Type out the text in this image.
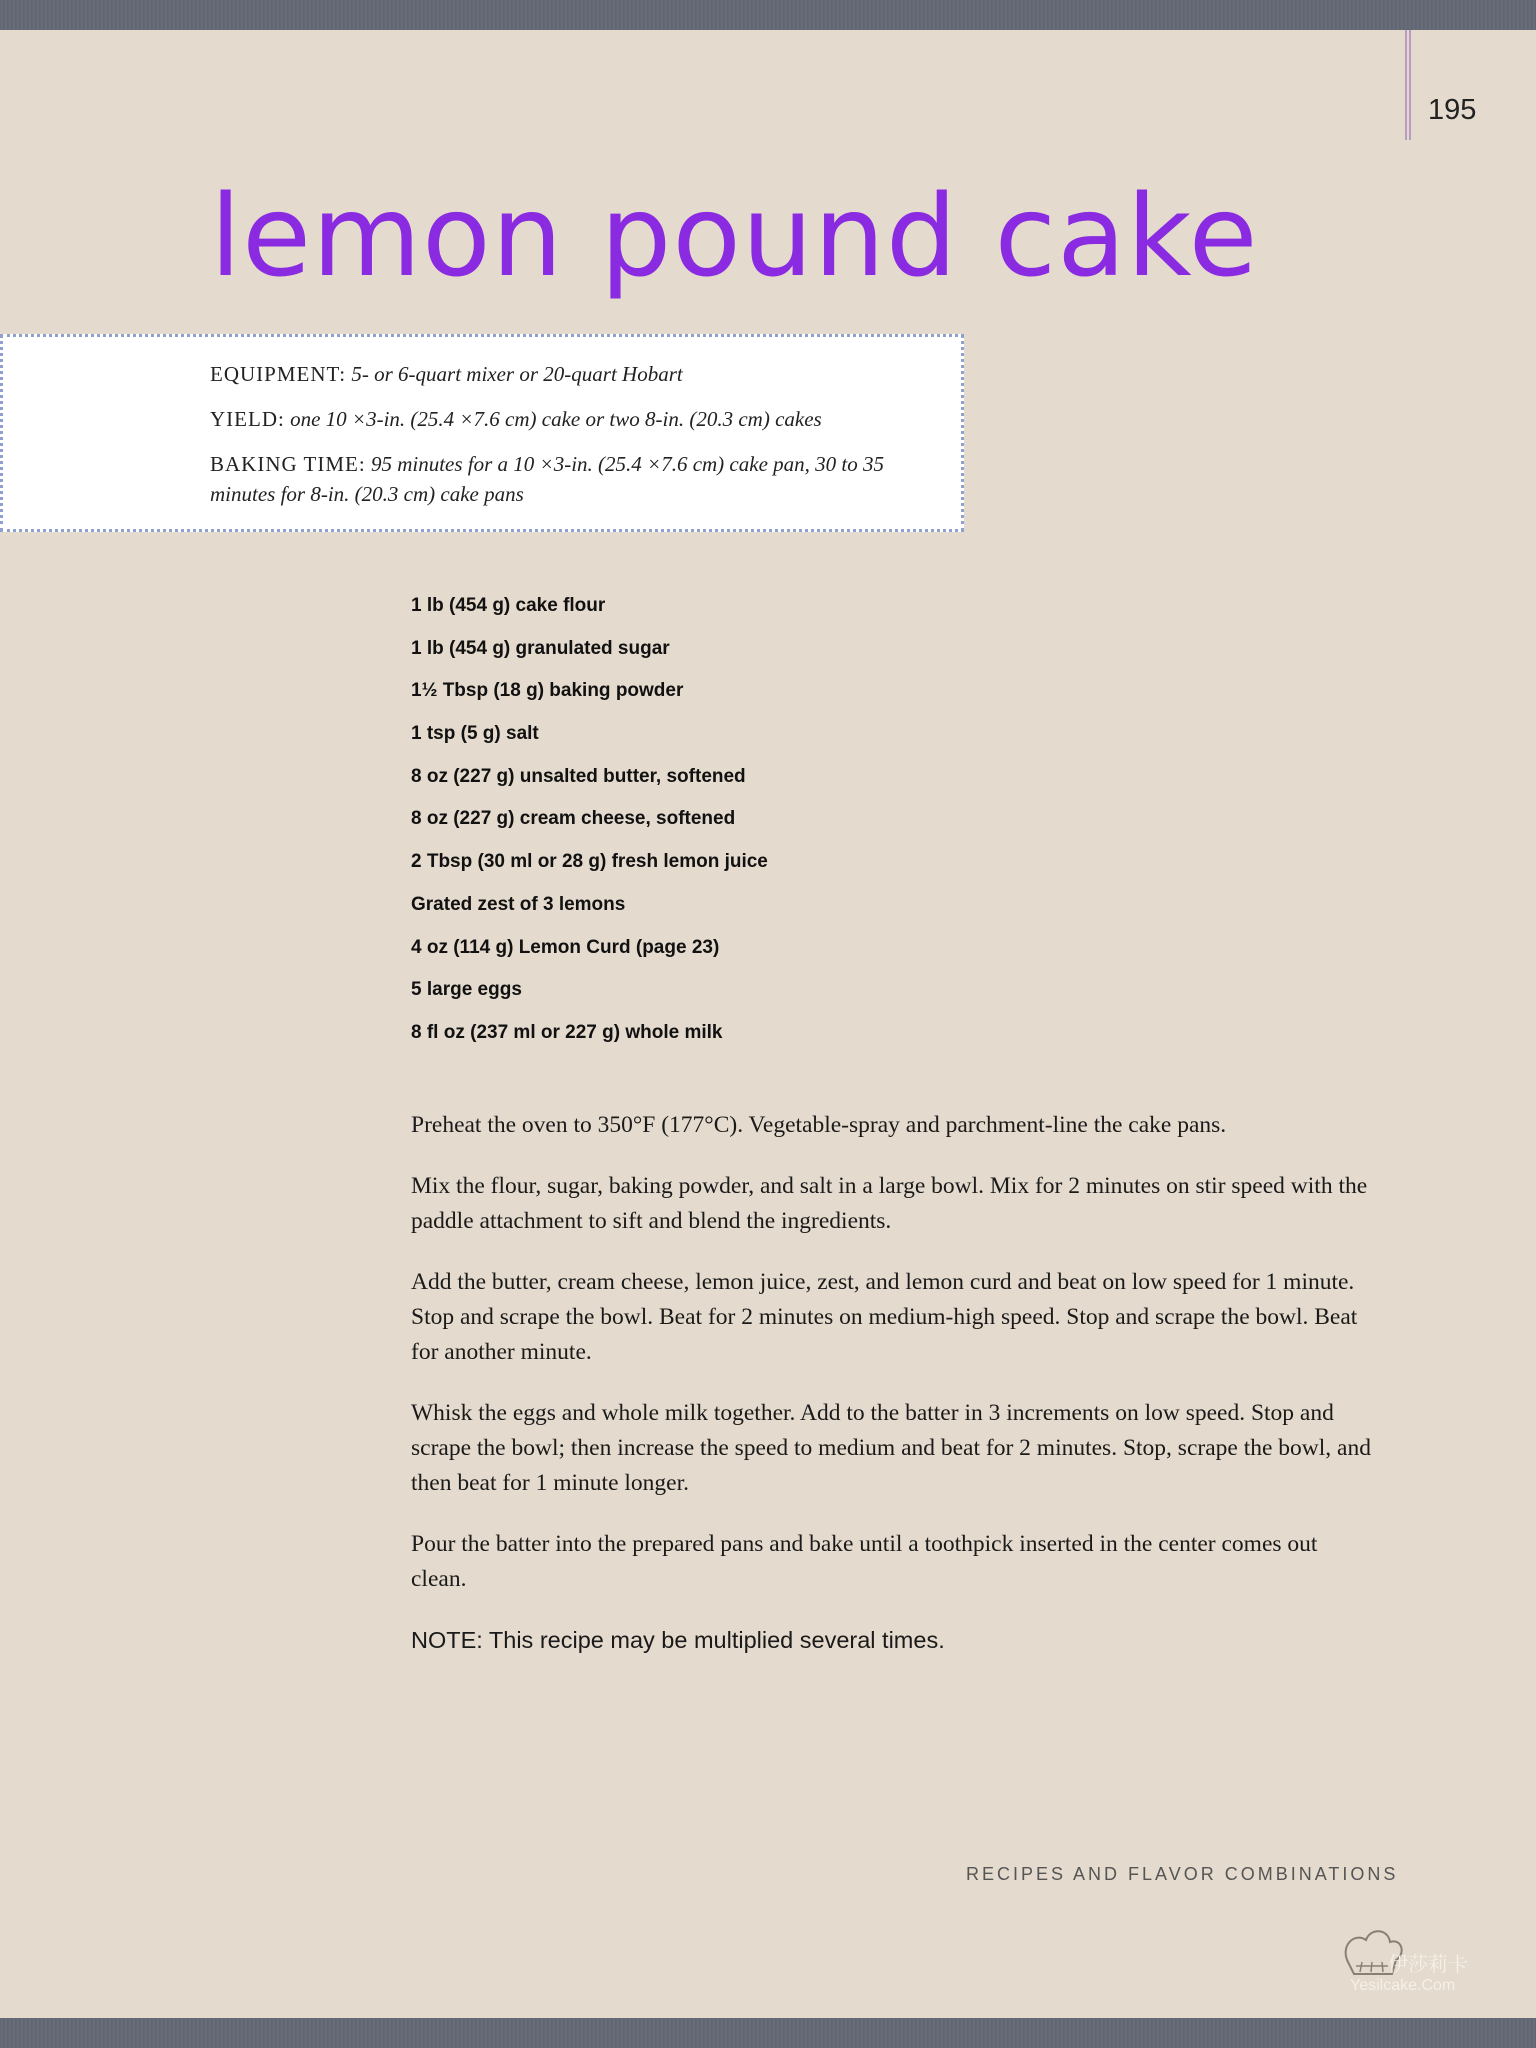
195
lemon pound cake
EQUIPMENT: 5- or 6-quart mixer or 20-quart Hobart
YIELD: one 10 ×3-in. (25.4 ×7.6 cm) cake or two 8-in. (20.3 cm) cakes
BAKING TIME: 95 minutes for a 10 ×3-in. (25.4 ×7.6 cm) cake pan, 30 to 35 minutes for 8-in. (20.3 cm) cake pans
1 lb (454 g) cake flour
1 lb (454 g) granulated sugar
1½ Tbsp (18 g) baking powder
1 tsp (5 g) salt
8 oz (227 g) unsalted butter, softened
8 oz (227 g) cream cheese, softened
2 Tbsp (30 ml or 28 g) fresh lemon juice
Grated zest of 3 lemons
4 oz (114 g) Lemon Curd (page 23)
5 large eggs
8 fl oz (237 ml or 227 g) whole milk

Preheat the oven to 350°F (177°C). Vegetable-spray and parchment-line the cake pans.

Mix the flour, sugar, baking powder, and salt in a large bowl. Mix for 2 minutes on stir speed with the paddle attachment to sift and blend the ingredients.

Add the butter, cream cheese, lemon juice, zest, and lemon curd and beat on low speed for 1 minute. Stop and scrape the bowl. Beat for 2 minutes on medium-high speed. Stop and scrape the bowl. Beat for another minute.

Whisk the eggs and whole milk together. Add to the batter in 3 increments on low speed. Stop and scrape the bowl; then increase the speed to medium and beat for 2 minutes. Stop, scrape the bowl, and then beat for 1 minute longer.

Pour the batter into the prepared pans and bake until a toothpick inserted in the center comes out clean.

NOTE: This recipe may be multiplied several times.

RECIPES AND FLAVOR COMBINATIONS
伊莎莉卡
Yesilcake.Com
